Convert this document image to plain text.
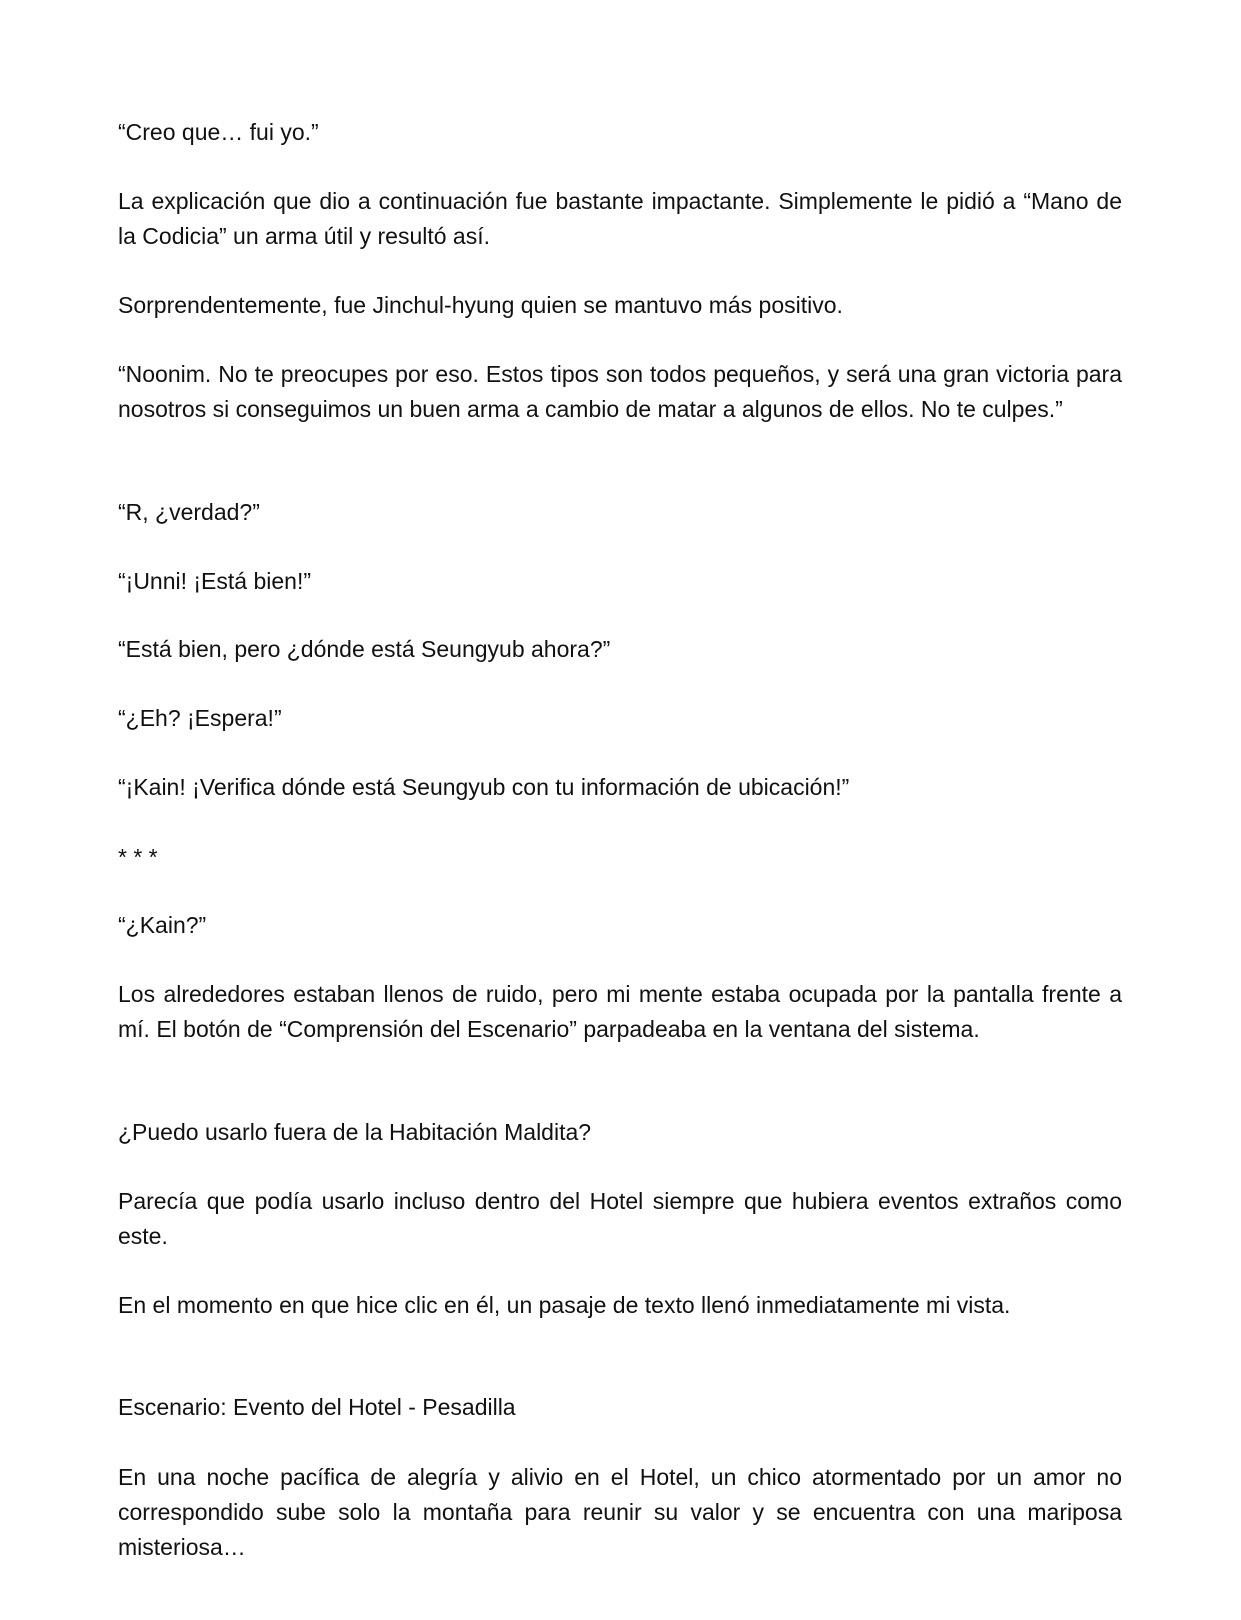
“Creo que… fui yo.”

La explicación que dio a continuación fue bastante impactante. Simplemente le pidió a “Mano de la Codicia” un arma útil y resultó así.

Sorprendentemente, fue Jinchul-hyung quien se mantuvo más positivo.

“Noonim. No te preocupes por eso. Estos tipos son todos pequeños, y será una gran victoria para nosotros si conseguimos un buen arma a cambio de matar a algunos de ellos. No te culpes.”

“R, ¿verdad?”

“¡Unni! ¡Está bien!”

“Está bien, pero ¿dónde está Seungyub ahora?”

“¿Eh? ¡Espera!”

“¡Kain! ¡Verifica dónde está Seungyub con tu información de ubicación!”

* * *

“¿Kain?”

Los alrededores estaban llenos de ruido, pero mi mente estaba ocupada por la pantalla frente a mí. El botón de “Comprensión del Escenario” parpadeaba en la ventana del sistema.

¿Puedo usarlo fuera de la Habitación Maldita?

Parecía que podía usarlo incluso dentro del Hotel siempre que hubiera eventos extraños como este.

En el momento en que hice clic en él, un pasaje de texto llenó inmediatamente mi vista.

Escenario: Evento del Hotel - Pesadilla

En una noche pacífica de alegría y alivio en el Hotel, un chico atormentado por un amor no correspondido sube solo la montaña para reunir su valor y se encuentra con una mariposa misteriosa…
